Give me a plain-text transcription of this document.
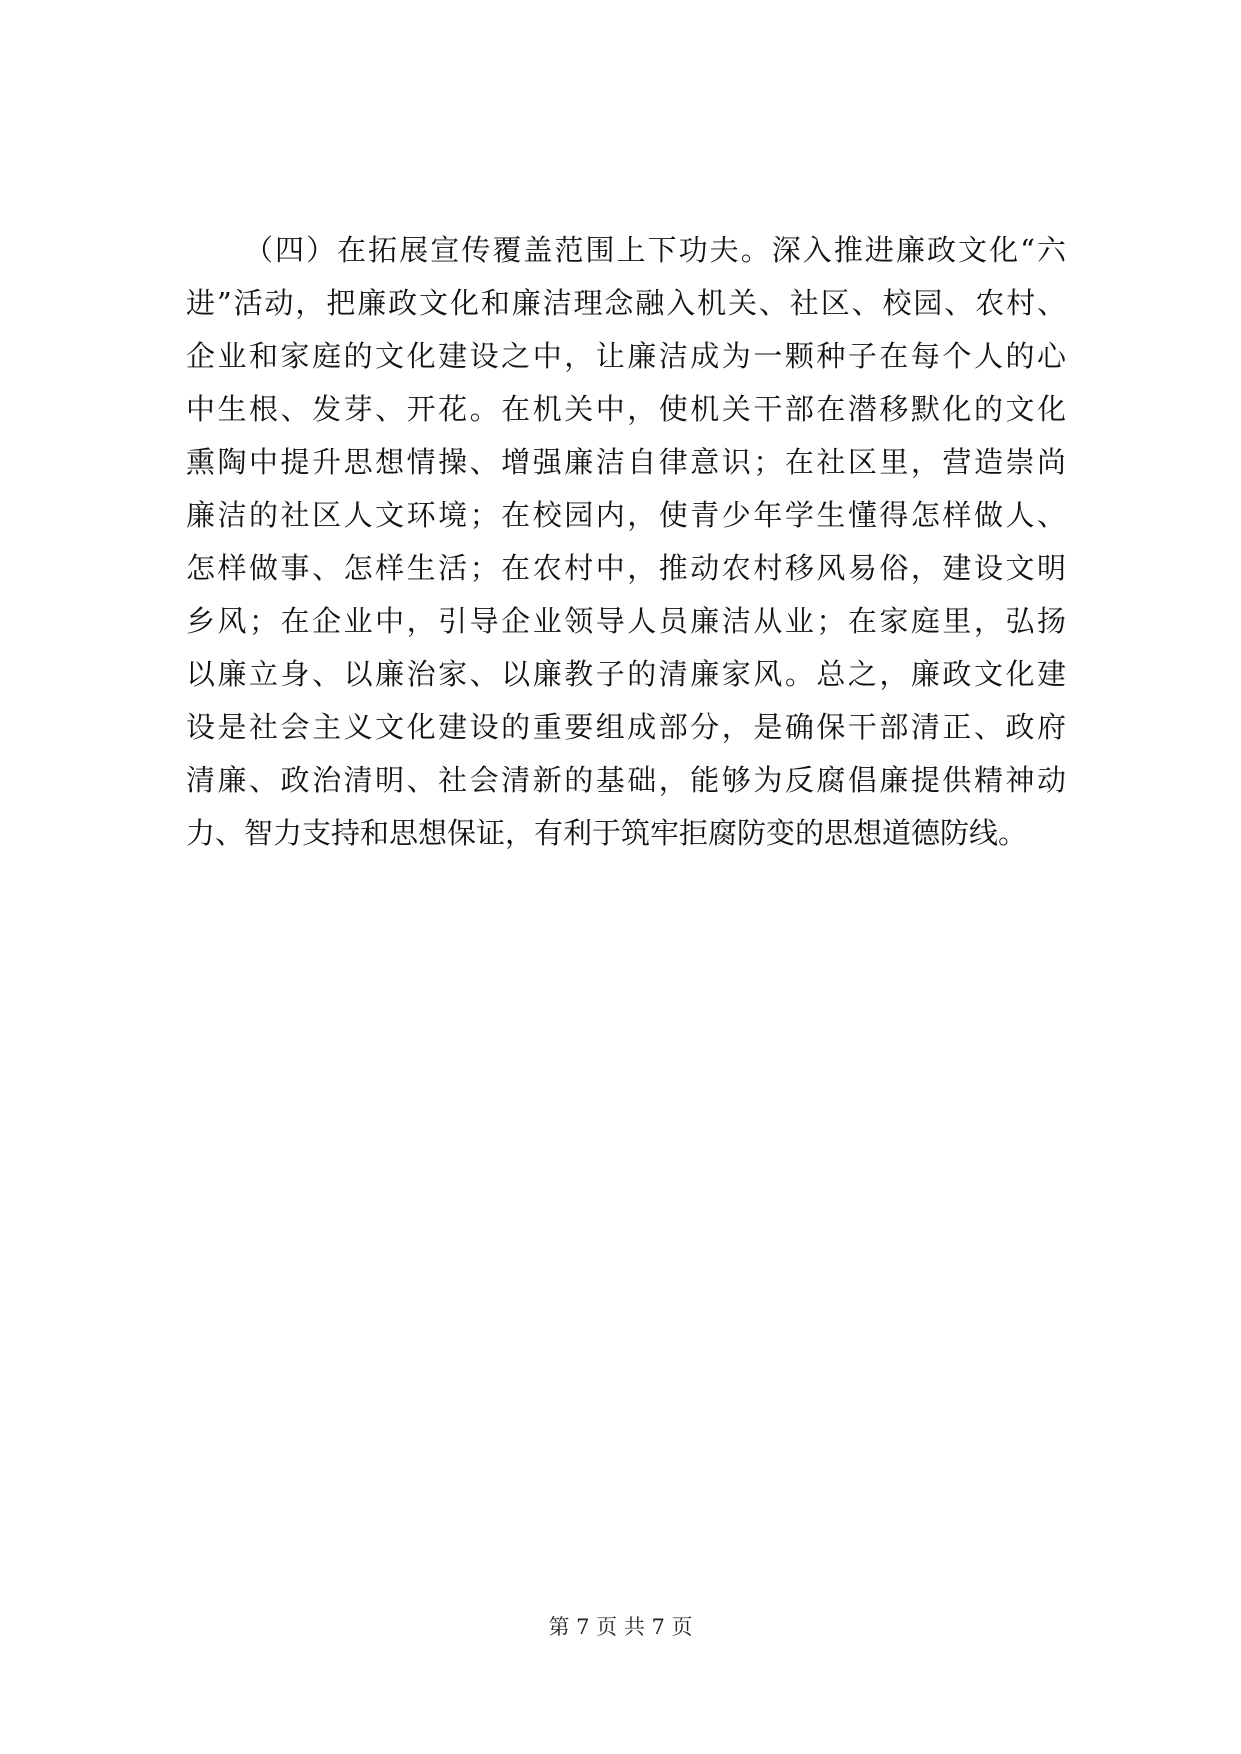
（四）在拓展宣传覆盖范围上下功夫。深入推进廉政文化“六
进”活动，把廉政文化和廉洁理念融入机关、社区、校园、农村、
企业和家庭的文化建设之中，让廉洁成为一颗种子在每个人的心
中生根、发芽、开花。在机关中，使机关干部在潜移默化的文化
熏陶中提升思想情操、增强廉洁自律意识；在社区里，营造崇尚
廉洁的社区人文环境；在校园内，使青少年学生懂得怎样做人、
怎样做事、怎样生活；在农村中，推动农村移风易俗，建设文明
乡风；在企业中，引导企业领导人员廉洁从业；在家庭里，弘扬
以廉立身、以廉治家、以廉教子的清廉家风。总之，廉政文化建
设是社会主义文化建设的重要组成部分，是确保干部清正、政府
清廉、政治清明、社会清新的基础，能够为反腐倡廉提供精神动
力、智力支持和思想保证，有利于筑牢拒腐防变的思想道德防线。
第 7 页 共 7 页
